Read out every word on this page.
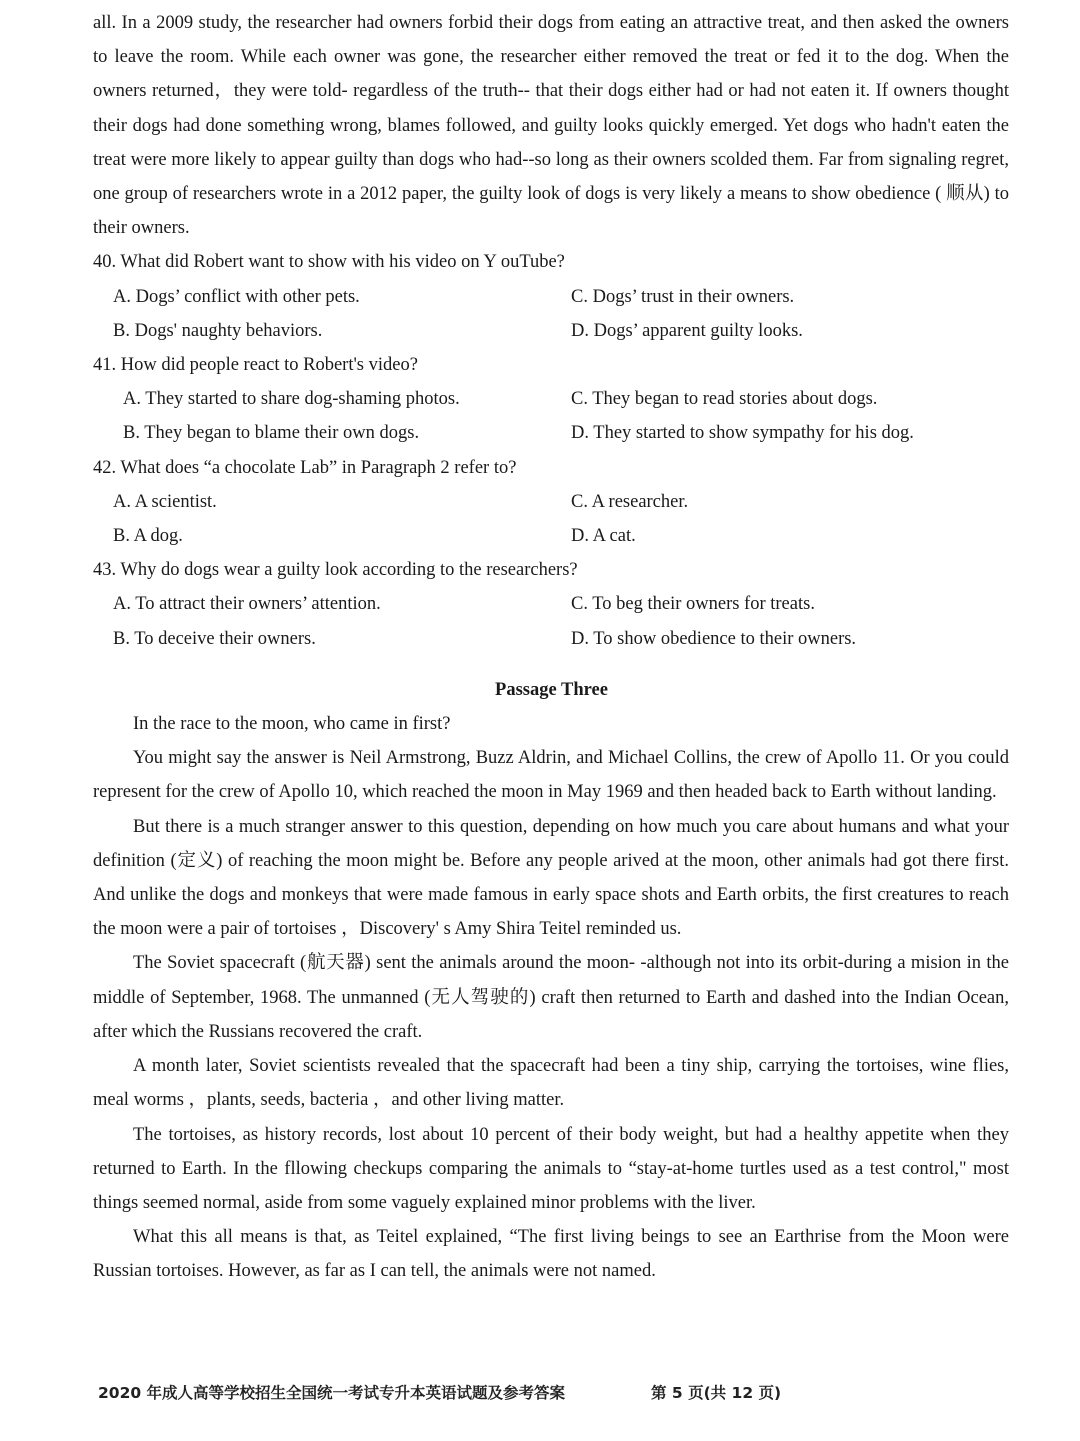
all. In a 2009 study, the researcher had owners forbid their dogs from eating an attractive treat, and then asked the owners to leave the room. While each owner was gone, the researcher either removed the treat or fed it to the dog. When the owners returned，they were told- regardless of the truth-- that their dogs either had or had not eaten it. If owners thought their dogs had done something wrong, blames followed, and guilty looks quickly emerged. Yet dogs who hadn't eaten the treat were more likely to appear guilty than dogs who had--so long as their owners scolded them. Far from signaling regret, one group of researchers wrote in a 2012 paper, the guilty look of dogs is very likely a means to show obedience ( 顺从) to their owners.

40. What did Robert want to show with his video on Y ouTube?

A. Dogs’ conflict with other pets.	C. Dogs’ trust in their owners.
B. Dogs' naughty behaviors.	D. Dogs’ apparent guilty looks.

41. How did people react to Robert's video?

A. They started to share dog-shaming photos.	C. They began to read stories about dogs.
B. They began to blame their own dogs.	D. They started to show sympathy for his dog.

42. What does “a chocolate Lab” in Paragraph 2 refer to?

A. A scientist.	C. A researcher.
B. A dog.	D. A cat.

43. Why do dogs wear a guilty look according to the researchers?

A. To attract their owners’ attention.	C. To beg their owners for treats.
B. To deceive their owners.	D. To show obedience to their owners.
Passage Three

In the race to the moon, who came in first?

You might say the answer is Neil Armstrong, Buzz Aldrin, and Michael Collins, the crew of Apollo 11. Or you could represent for the crew of Apollo 10, which reached the moon in May 1969 and then headed back to Earth without landing.

But there is a much stranger answer to this question, depending on how much you care about humans and what your definition (定义) of reaching the moon might be. Before any people arived at the moon, other animals had got there first. And unlike the dogs and monkeys that were made famous in early space shots and Earth orbits, the first creatures to reach the moon were a pair of tortoises ，Discovery' s Amy Shira Teitel reminded us.

The Soviet spacecraft (航天器) sent the animals around the moon- -although not into its orbit-during a mision in the middle of September, 1968. The unmanned (无人驾驶的) craft then returned to Earth and dashed into the Indian Ocean, after which the Russians recovered the craft.

A month later, Soviet scientists revealed that the spacecraft had been a tiny ship, carrying the tortoises, wine flies, meal worms ，plants, seeds, bacteria ，and other living matter.

The tortoises, as history records, lost about 10 percent of their body weight, but had a healthy appetite when they returned to Earth. In the fllowing checkups comparing the animals to “stay-at-home turtles used as a test control," most things seemed normal, aside from some vaguely explained minor problems with the liver.

What this all means is that, as Teitel explained, “The first living beings to see an Earthrise from the Moon were Russian tortoises. However, as far as I can tell, the animals were not named.

2020 年成人高等学校招生全国统一考试专升本英语试题及参考答案	第 5 页(共 12 页)
